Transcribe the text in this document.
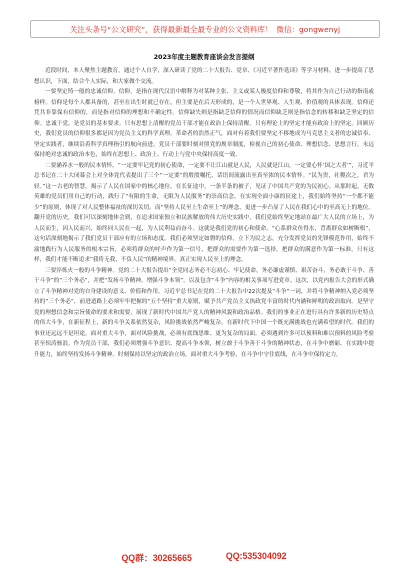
关注头条号“公文研究”，获得最新最全最专业的公文资料库！ 微信：gongwenyj
2023年度主题教育座谈会发言提纲

近段时间，本人聚焦主题教育，通过个人自学，深入研读了党的二十大报告、党章、《习近平著作选读》等学习材料，进一步提高了思想认识，下面，结合个人实际，和大家做个交流。

一要坚定铸一般的忠诚信仰。信仰，是指在现代汉语中解释为对某种主张、主义或某人极度信仰和尊敬，将其作为自己行动的指南或榜样。信仰是每个人都具备的，甚至在出生时就已存在，但主要是在后天形成的，是一个人世界观、人生观、价值观的具体表现。信仰还凭共非靠保有信仰的，而是指对信仰的理想和不确定性。信仰缺失则是指缺乏信仰的情况而信仰缺乏则是指信念的转移和缺乏坚定的信仰。忠诚于党，是党员的基本要求。只有思想上清醒的党员干部才能在政治上保持清醒。只有理论上的坚定才能有政治上的坚定。回顾历史，我们党员的信仰很多都是因为党员主义的科学真理、革命者的浩然正气，面对有着我们要坚定不移地成为马克思主义者的忠诚信奉、坚定实践者，继续沿着科学真理指引的航向前进。党员干部要时刻对照党的规章制度，检视自己的初心使命、理想信念、思想言行，永远保持绝对忠诚的政治本色，始终在思想上、政治上、行动上与党中央保持高度一致。

二要涵养水一般的民本情怀。“一定要牢记党的初心使命，一定要不让江山就是人民，人民就是江山，一定要心怀‘国之大者’”，习近平总书记在二十大闭幕会上对全体党代表提出了三个“一定要”的殷殷嘱托，话语间流露出至真至浓的民本情怀。“民为贵，社稷次之，君为轻。”这一古老的智慧，揭示了人民在国家中的核心地位。在长征途中，一条半条的被子，见证了中国共产党的为民初心。从那时起，无数英雄的党员们用自己的行动，践行了“有限的生命，无限为人民服务”的崇高信念，在实现全面小康的征途上，我们始终坚持“一个都不能少”的原则，体现了对人民整体福祉的深切关切。而“坚持人民至上生命至上”的理念，更进一步凸显了人民在我们心中的至高无上的地位。翻开党的历史，我们可以深刻地体会到，在追求国家独立和民族解放的伟大历史实践中，我们党始终坚定地站在最广大人民的立场上，为人民而生，因人民而兴，始终同人民在一起，为人民利益而奋斗。这就是我们党的初心和使命。“心系群众鱼得水，背离群众如树断根”，这句话深刻地揭示了我们党员干部应有的立场和态度。我们必须坚定如磐的信仰，立下为民之志，充分发挥党员的先锋模范作用，始终不渝地践行为人民服务的根本宗旨，必须将群众的呼声作为第一信号，把群众的需要作为第一选择，把群众的满意作为第一标准，只有这样，我们才能不断追求“我将无我，不负人民”的精神境界，真正实现人民至上的理念。

三要淬炼火一般的斗争精神。党的二十大报告提出“全党同志务必不忘初心、牢记使命，务必谦虚谨慎、艰苦奋斗，务必敢于斗争、善于斗争”的“三个务必”，并把“发扬斗争精神、增强斗争本领”，以及包含“斗争”内容的相关事项写进党章。这次，以党内报告大会的形式确立了斗争精神对党的自身建设的意义、价值和作用。习近平总书记在党的二十大报告中22次提及“斗争”一词，并将斗争精神纳入党必须坚持的“三个务必”，前进道路上必须牢牢把握的“五个坚持”重大原则，赋予共产党员主义执政党丰富的时代内涵和鲜明的政治取向。是坚守党的理想信念和宗旨使命的要求和需要，展现了新时代中国共产党人的精神风貌和政治品格。我们的事业正在进行具有许多新的历史特点的伟大斗争，在新征程上，新的斗争关系依然复杂，风险挑战依然严峻复杂。在新时代下中国一个既充满挑战也充满希望的时代。我们的事业还远远不是坦途。面对重大斗争，面对风险挑战，必须有底线思维、更为复杂的局面。必须遇到许多可以预料和难以预料的风险考验甚至惊涛骇浪。作为党员干部，我们必须增强斗争意识、提高斗争本领，树立敢于斗争善于斗争的精神状态，在斗争中磨砺、在实践中提升能力，始终坚持发扬斗争精神。时刻保持以坚定的政治立场，面对重大斗争考验，在斗争中守住底线，在斗争中保持定力。

QQ群：30265665	QQ:535304092
